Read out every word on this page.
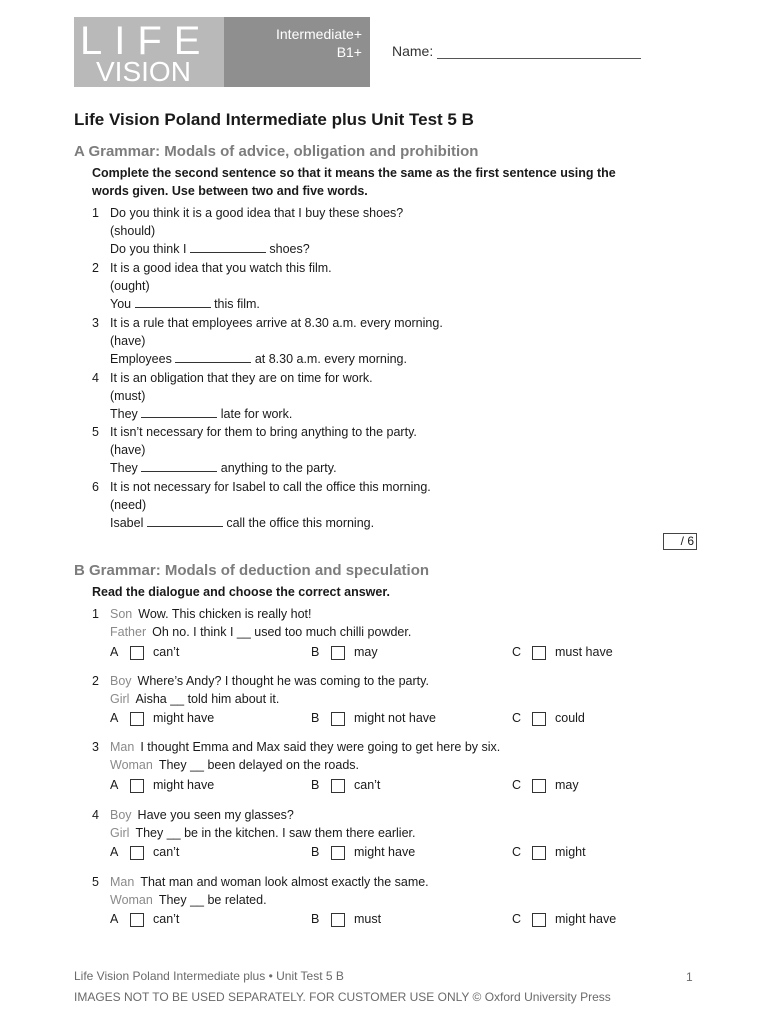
LIFE
VISION
Intermediate+
B1+ Name:
Life Vision Poland Intermediate plus Unit Test 5 B
A Grammar: Modals of advice, obligation and prohibition
Complete the second sentence so that it means the same as the first sentence using the
words given. Use between two and five words.
1 Do you think it is a good idea that I buy these shoes?
(should)
Do you think I	shoes?
2 It is a good idea that you watch this film.
(ought)
You	this film.
3 It is a rule that employees arrive at 8.30 a.m. every morning.
(have)
Employees	at 8.30 a.m. every morning.
4 It is an obligation that they are on time for work.
(must)
They	late for work.
5 It isn’t necessary for them to bring anything to the party.
(have)
They	anything to the party.
6 It is not necessary for Isabel to call the office this morning.
(need)
Isabel	call the office this morning.
/ 6
B Grammar: Modals of deduction and speculation
Read the dialogue and choose the correct answer.
1 Son Wow. This chicken is really hot!
Father Oh no. I think I __ used too much chilli powder.
A	can’t	B	may	C	must have
2 Boy Where’s Andy? I thought he was coming to the party.
Girl Aisha __ told him about it.
A	might have	B	might not have	C	could
3 Man I thought Emma and Max said they were going to get here by six.
Woman They __ been delayed on the roads.
A	might have	B	can’t	C	may
4 Boy Have you seen my glasses?
Girl They __ be in the kitchen. I saw them there earlier.
A	can’t	B	might have	C	might
5 Man That man and woman look almost exactly the same.
Woman They __ be related.
A	can’t	B	must	C	might have
Life Vision Poland Intermediate plus • Unit Test 5 B
IMAGES NOT TO BE USED SEPARATELY. FOR CUSTOMER USE ONLY © Oxford University Press
1
